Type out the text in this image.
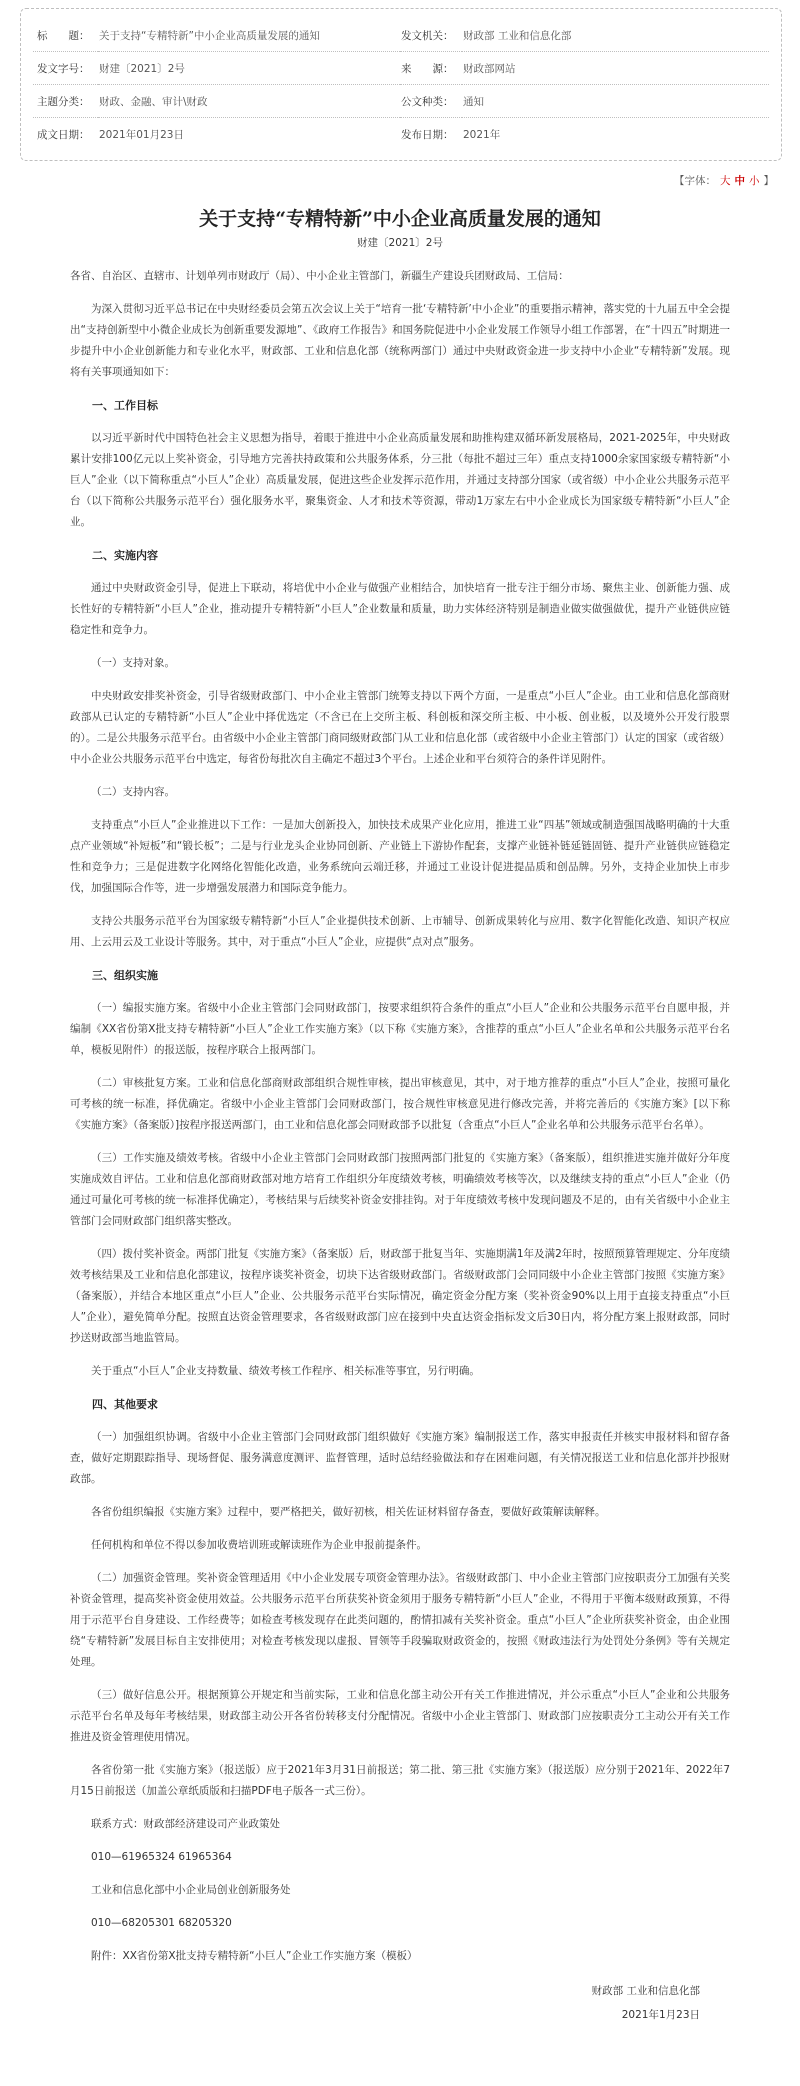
标　　题：	关于支持“专精特新”中小企业高质量发展的通知	发文机关：	财政部 工业和信息化部
发文字号：	财建〔2021〕2号	来　　源：	财政部网站
主题分类：	财政、金融、审计\财政	公文种类：	通知
成文日期：	2021年01月23日	发布日期：	2021年
【字体： 大 中 小 】
关于支持“专精特新”中小企业高质量发展的通知
财建〔2021〕2号

各省、自治区、直辖市、计划单列市财政厅（局）、中小企业主管部门，新疆生产建设兵团财政局、工信局：

为深入贯彻习近平总书记在中央财经委员会第五次会议上关于“培育一批‘专精特新’中小企业”的重要指示精神，落实党的十九届五中全会提出“支持创新型中小微企业成长为创新重要发源地”、《政府工作报告》和国务院促进中小企业发展工作领导小组工作部署，在“十四五”时期进一步提升中小企业创新能力和专业化水平，财政部、工业和信息化部（统称两部门）通过中央财政资金进一步支持中小企业“专精特新”发展。现将有关事项通知如下：

一、工作目标

以习近平新时代中国特色社会主义思想为指导，着眼于推进中小企业高质量发展和助推构建双循环新发展格局，2021-2025年，中央财政累计安排100亿元以上奖补资金，引导地方完善扶持政策和公共服务体系，分三批（每批不超过三年）重点支持1000余家国家级专精特新“小巨人”企业（以下简称重点“小巨人”企业）高质量发展，促进这些企业发挥示范作用，并通过支持部分国家（或省级）中小企业公共服务示范平台（以下简称公共服务示范平台）强化服务水平，聚集资金、人才和技术等资源，带动1万家左右中小企业成长为国家级专精特新“小巨人”企业。

二、实施内容

通过中央财政资金引导，促进上下联动，将培优中小企业与做强产业相结合，加快培育一批专注于细分市场、聚焦主业、创新能力强、成长性好的专精特新“小巨人”企业，推动提升专精特新“小巨人”企业数量和质量，助力实体经济特别是制造业做实做强做优，提升产业链供应链稳定性和竞争力。

（一）支持对象。

中央财政安排奖补资金，引导省级财政部门、中小企业主管部门统筹支持以下两个方面，一是重点“小巨人”企业。由工业和信息化部商财政部从已认定的专精特新“小巨人”企业中择优选定（不含已在上交所主板、科创板和深交所主板、中小板、创业板，以及境外公开发行股票的）。二是公共服务示范平台。由省级中小企业主管部门商同级财政部门从工业和信息化部（或省级中小企业主管部门）认定的国家（或省级）中小企业公共服务示范平台中选定，每省份每批次自主确定不超过3个平台。上述企业和平台须符合的条件详见附件。

（二）支持内容。

支持重点“小巨人”企业推进以下工作：一是加大创新投入，加快技术成果产业化应用，推进工业“四基”领域或制造强国战略明确的十大重点产业领域“补短板”和“锻长板”；二是与行业龙头企业协同创新、产业链上下游协作配套，支撑产业链补链延链固链、提升产业链供应链稳定性和竞争力；三是促进数字化网络化智能化改造，业务系统向云端迁移，并通过工业设计促进提品质和创品牌。另外，支持企业加快上市步伐，加强国际合作等，进一步增强发展潜力和国际竞争能力。

支持公共服务示范平台为国家级专精特新“小巨人”企业提供技术创新、上市辅导、创新成果转化与应用、数字化智能化改造、知识产权应用、上云用云及工业设计等服务。其中，对于重点“小巨人”企业，应提供“点对点”服务。

三、组织实施

（一）编报实施方案。省级中小企业主管部门会同财政部门，按要求组织符合条件的重点“小巨人”企业和公共服务示范平台自愿申报，并编制《XX省份第X批支持专精特新“小巨人”企业工作实施方案》（以下称《实施方案》，含推荐的重点“小巨人”企业名单和公共服务示范平台名单，模板见附件）的报送版，按程序联合上报两部门。

（二）审核批复方案。工业和信息化部商财政部组织合规性审核，提出审核意见，其中，对于地方推荐的重点“小巨人”企业，按照可量化可考核的统一标准，择优确定。省级中小企业主管部门会同财政部门，按合规性审核意见进行修改完善，并将完善后的《实施方案》[以下称《实施方案》（备案版）]按程序报送两部门，由工业和信息化部会同财政部予以批复（含重点“小巨人”企业名单和公共服务示范平台名单）。

（三）工作实施及绩效考核。省级中小企业主管部门会同财政部门按照两部门批复的《实施方案》（备案版），组织推进实施并做好分年度实施成效自评估。工业和信息化部商财政部对地方培育工作组织分年度绩效考核，明确绩效考核等次，以及继续支持的重点“小巨人”企业（仍通过可量化可考核的统一标准择优确定），考核结果与后续奖补资金安排挂钩。对于年度绩效考核中发现问题及不足的，由有关省级中小企业主管部门会同财政部门组织落实整改。

（四）拨付奖补资金。两部门批复《实施方案》（备案版）后，财政部于批复当年、实施期满1年及满2年时，按照预算管理规定、分年度绩效考核结果及工业和信息化部建议，按程序谈奖补资金，切块下达省级财政部门。省级财政部门会同同级中小企业主管部门按照《实施方案》（备案版），并结合本地区重点“小巨人”企业、公共服务示范平台实际情况，确定资金分配方案（奖补资金90%以上用于直接支持重点“小巨人”企业），避免简单分配。按照直达资金管理要求，各省级财政部门应在接到中央直达资金指标发文后30日内，将分配方案上报财政部，同时抄送财政部当地监管局。

关于重点“小巨人”企业支持数量、绩效考核工作程序、相关标准等事宜，另行明确。

四、其他要求

（一）加强组织协调。省级中小企业主管部门会同财政部门组织做好《实施方案》编制报送工作，落实申报责任并核实申报材料和留存备查，做好定期跟踪指导、现场督促、服务满意度测评、监督管理，适时总结经验做法和存在困难问题，有关情况报送工业和信息化部并抄报财政部。

各省份组织编报《实施方案》过程中，要严格把关，做好初核，相关佐证材料留存备查，要做好政策解读解释。

任何机构和单位不得以参加收费培训班或解读班作为企业申报前提条件。

（二）加强资金管理。奖补资金管理适用《中小企业发展专项资金管理办法》。省级财政部门、中小企业主管部门应按职责分工加强有关奖补资金管理，提高奖补资金使用效益。公共服务示范平台所获奖补资金须用于服务专精特新“小巨人”企业，不得用于平衡本级财政预算，不得用于示范平台自身建设、工作经费等；如检查考核发现存在此类问题的，酌情扣减有关奖补资金。重点“小巨人”企业所获奖补资金，由企业围绕“专精特新”发展目标自主安排使用；对检查考核发现以虚报、冒领等手段骗取财政资金的，按照《财政违法行为处罚处分条例》等有关规定处理。

（三）做好信息公开。根据预算公开规定和当前实际，工业和信息化部主动公开有关工作推进情况，并公示重点“小巨人”企业和公共服务示范平台名单及每年考核结果，财政部主动公开各省份转移支付分配情况。省级中小企业主管部门、财政部门应按职责分工主动公开有关工作推进及资金管理使用情况。

各省份第一批《实施方案》（报送版）应于2021年3月31日前报送；第二批、第三批《实施方案》（报送版）应分别于2021年、2022年7月15日前报送（加盖公章纸质版和扫描PDF电子版各一式三份）。

联系方式：财政部经济建设司产业政策处

010—61965324 61965364

工业和信息化部中小企业局创业创新服务处

010—68205301 68205320

附件：XX省份第X批支持专精特新“小巨人”企业工作实施方案（模板）

财政部 工业和信息化部
2021年1月23日
